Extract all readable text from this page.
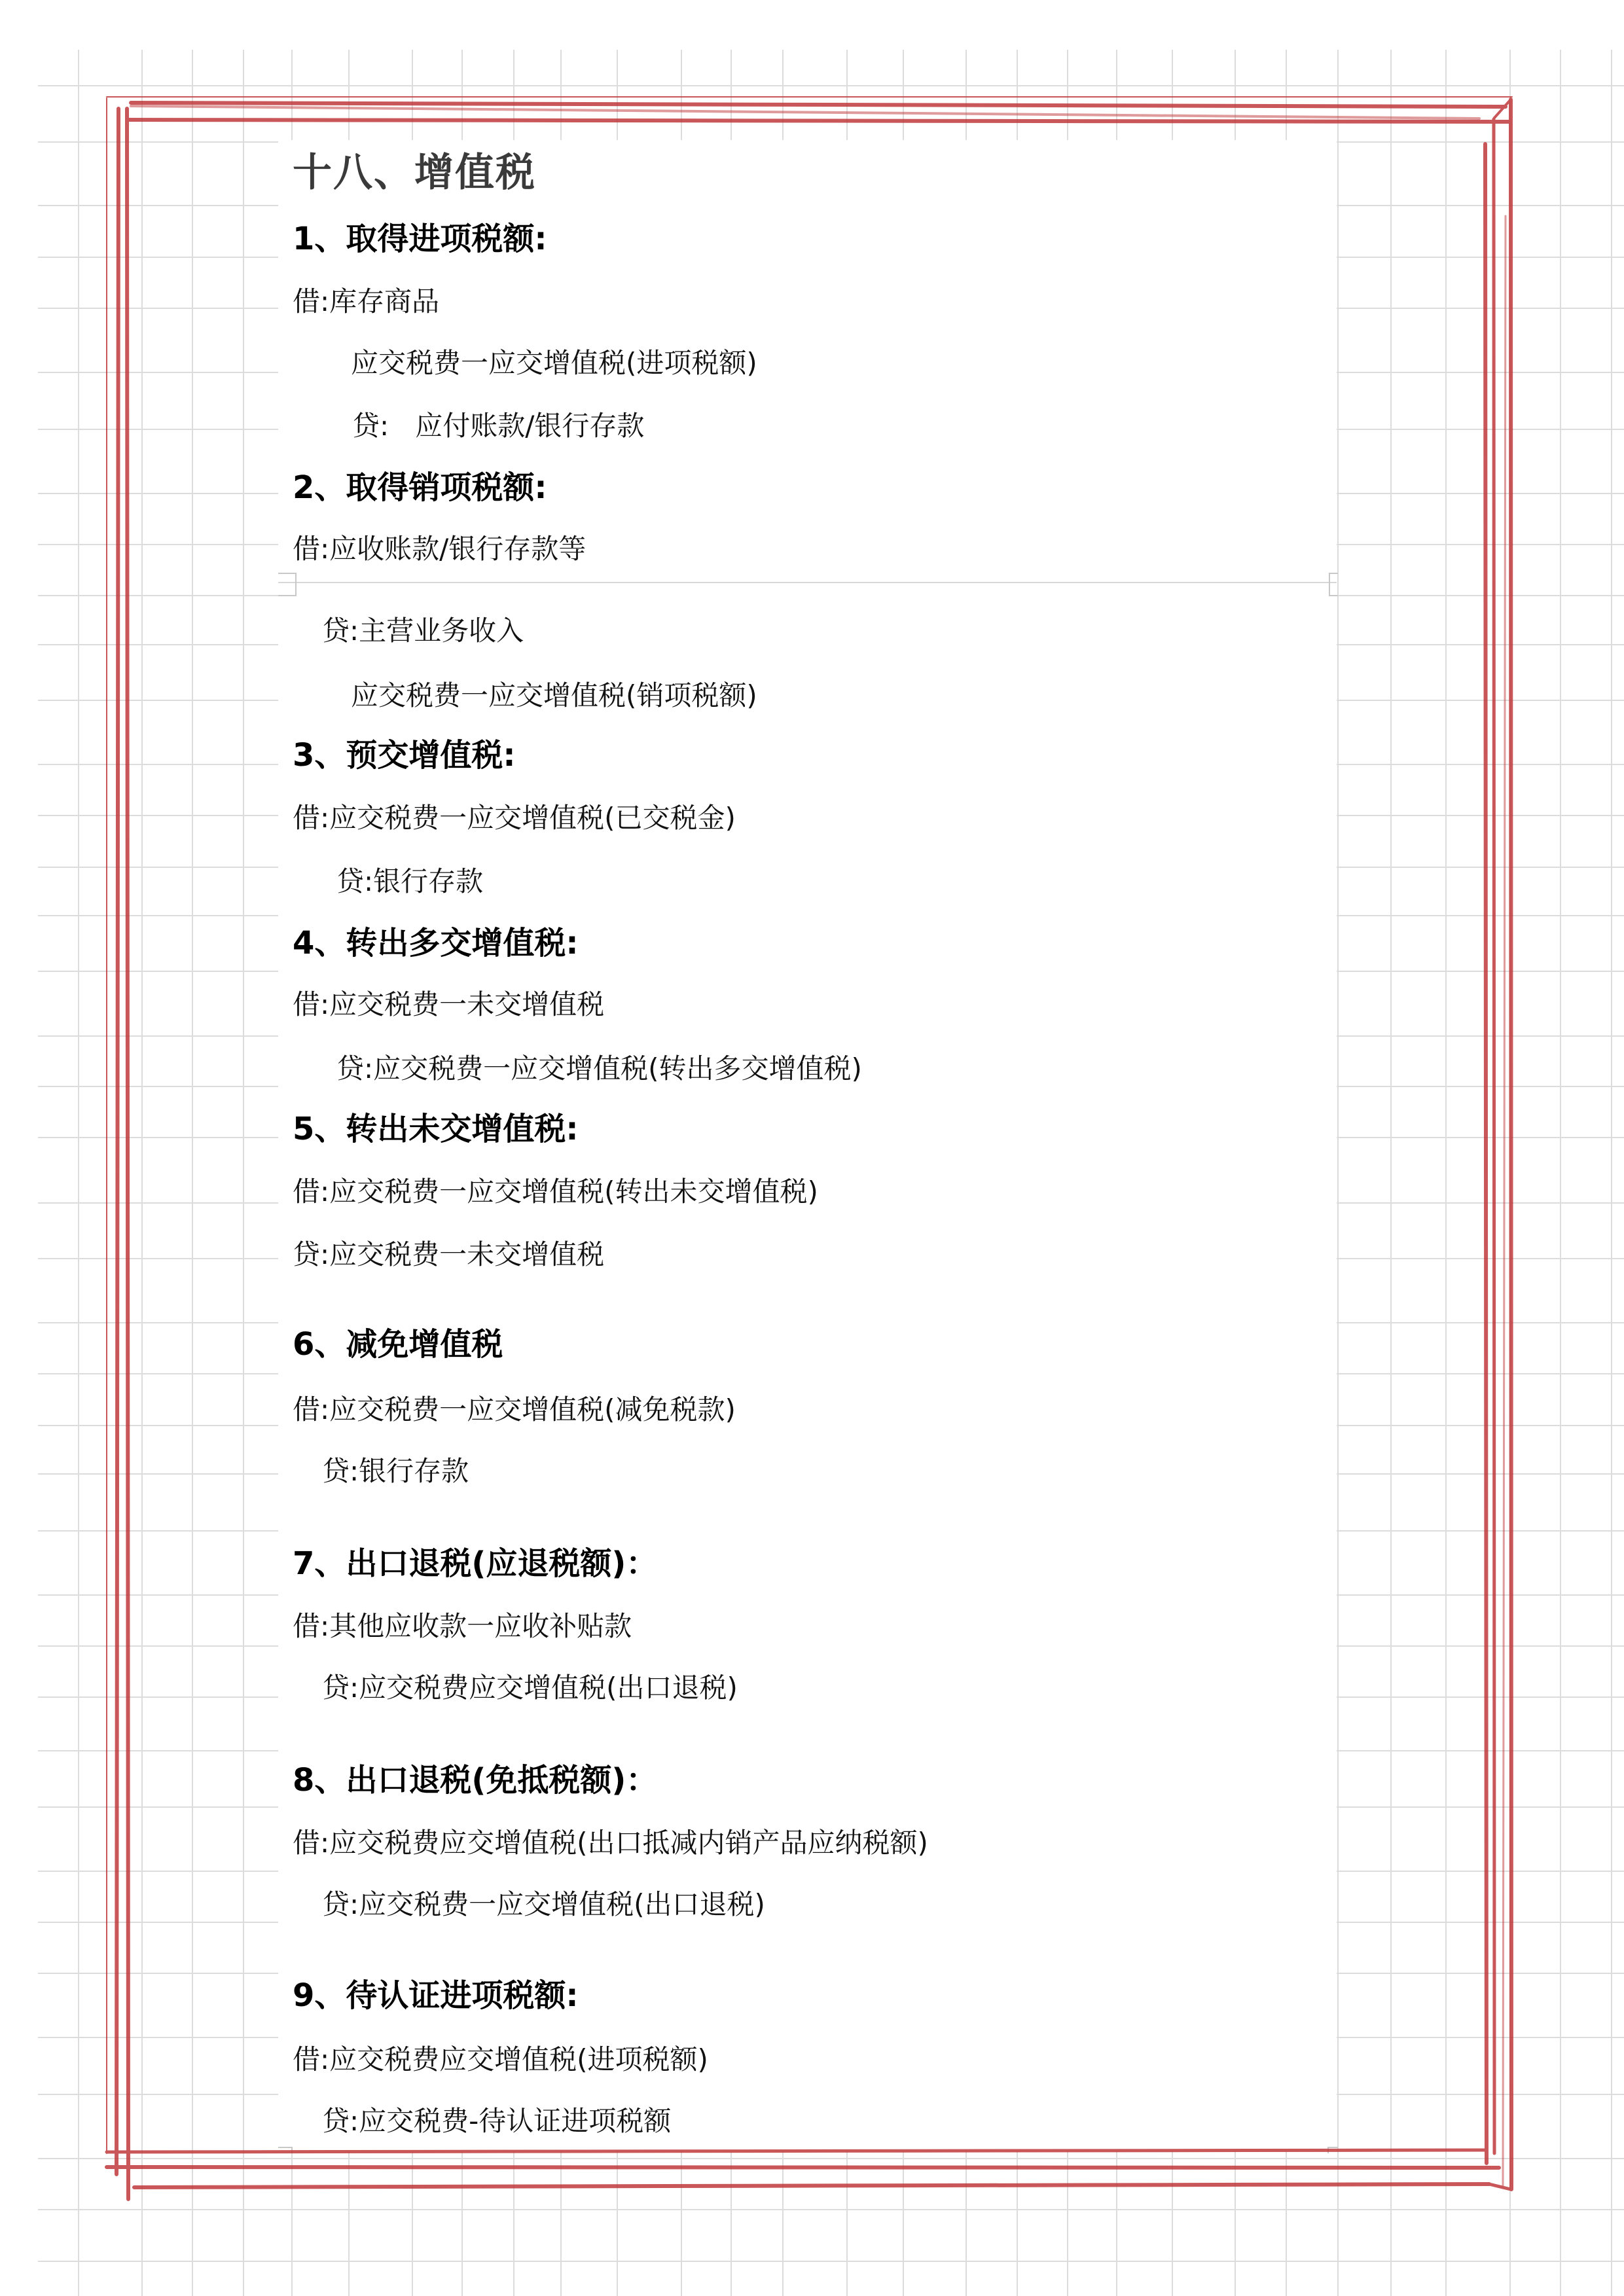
十八、增值税
1、取得进项税额:
借:库存商品
应交税费一应交增值税(进项税额)
贷:   应付账款/银行存款
2、取得销项税额:
借:应收账款/银行存款等
贷:主营业务收入
应交税费一应交增值税(销项税额)
3、预交增值税:
借:应交税费一应交增值税(已交税金)
贷:银行存款
4、转出多交增值税:
借:应交税费一未交增值税
贷:应交税费一应交增值税(转出多交增值税)
5、转出未交增值税:
借:应交税费一应交增值税(转出未交增值税)
贷:应交税费一未交增值税
6、减免增值税
借:应交税费一应交增值税(减免税款)
贷:银行存款
7、出口退税(应退税额)：
借:其他应收款一应收补贴款
贷:应交税费应交增值税(出口退税)
8、出口退税(免抵税额)：
借:应交税费应交增值税(出口抵减内销产品应纳税额)
贷:应交税费一应交增值税(出口退税)
9、待认证进项税额:
借:应交税费应交增值税(进项税额)
贷:应交税费-待认证进项税额
